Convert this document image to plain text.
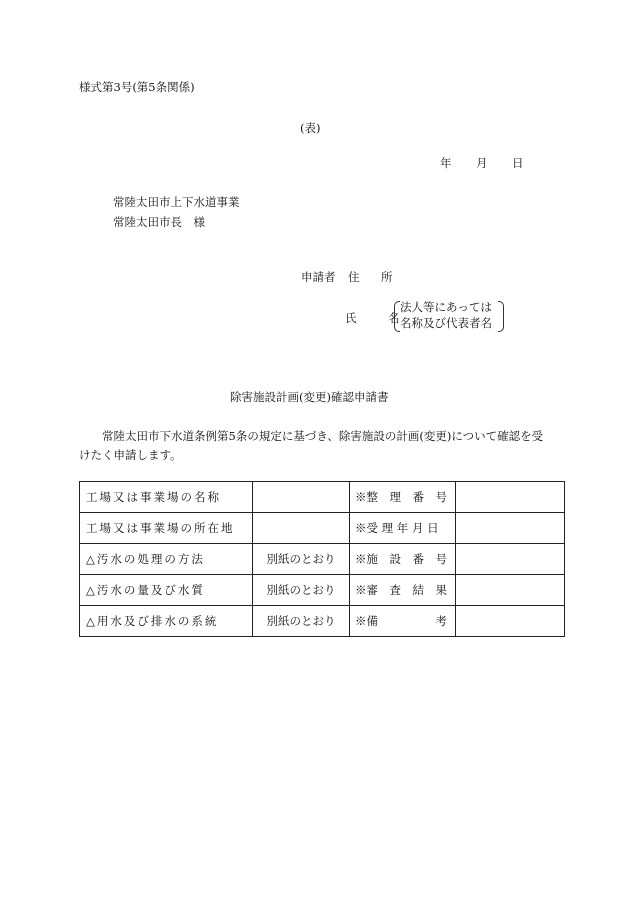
様式第3号(第5条関係)
(表)
年 月 日
常陸太田市上下水道事業
常陸太田市長　様
申請者 住　所
氏　名
法人等にあっては
名称及び代表者名
除害施設計画(変更)確認申請書
常陸太田市下水道条例第5条の規定に基づき、除害施設の計画(変更)について確認を受けたく申請します。
工場又は事業場の名称		※整　理　番　号	
工場又は事業場の所在地		※受 理 年 月 日	
△汚水の処理の方法	別紙のとおり	※施　設　番　号	
△汚水の量及び水質	別紙のとおり	※審　査　結　果	
△用水及び排水の系統	別紙のとおり	※備　　　　　考	
